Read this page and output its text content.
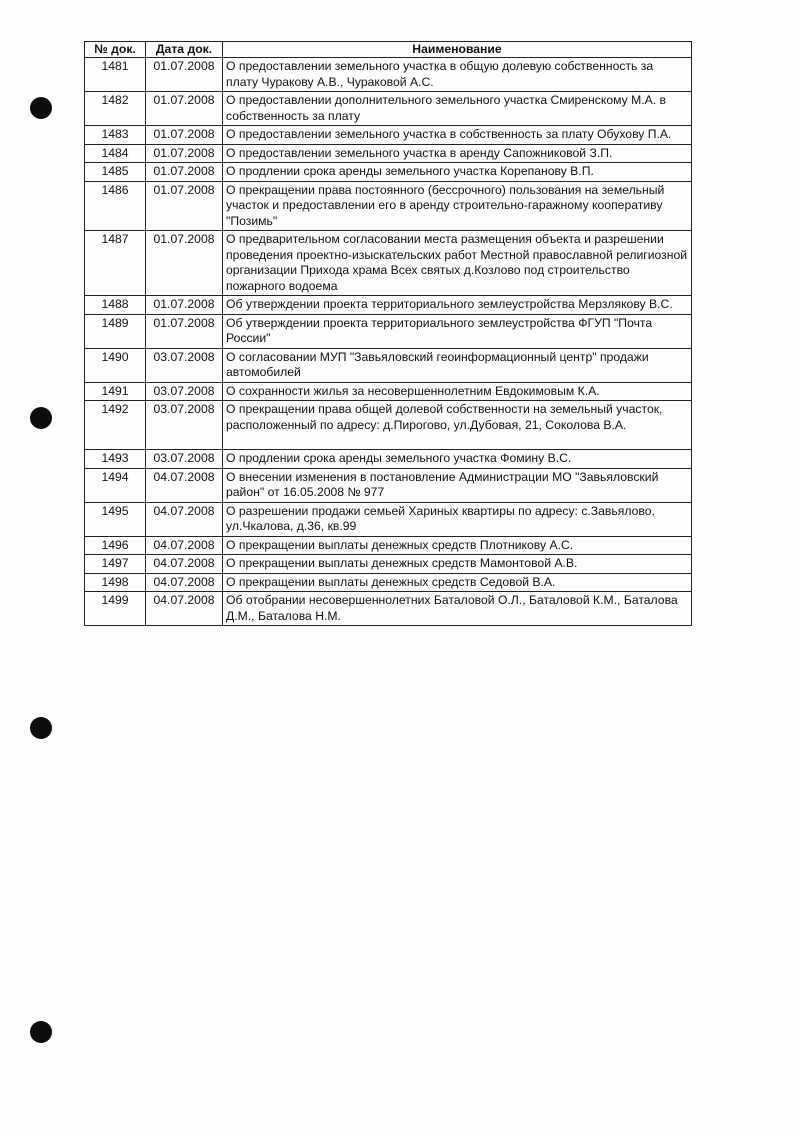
№ док.	Дата док.	Наименование
1481	01.07.2008	О предоставлении земельного участка в общую долевую собственность за плату Чуракову А.В., Чураковой А.С.
1482	01.07.2008	О предоставлении дополнительного земельного участка Смиренскому М.А. в собственность за плату
1483	01.07.2008	О предоставлении земельного участка в собственность за плату Обухову П.А.
1484	01.07.2008	О предоставлении земельного участка в аренду Сапожниковой З.П.
1485	01.07.2008	О продлении срока аренды земельного участка Корепанову В.П.
1486	01.07.2008	О прекращении права постоянного (бессрочного) пользования на земельный участок и предоставлении его в аренду строительно-гаражному кооперативу "Позимь"
1487	01.07.2008	О предварительном согласовании места размещения объекта и разрешении проведения проектно-изыскательских работ Местной православной религиозной организации Прихода храма Всех святых д.Козлово под строительство пожарного водоема
1488	01.07.2008	Об утверждении проекта территориального землеустройства Мерзлякову В.С.
1489	01.07.2008	Об утверждении проекта территориального землеустройства ФГУП "Почта России"
1490	03.07.2008	О согласовании МУП "Завьяловский геоинформационный центр" продажи автомобилей
1491	03.07.2008	О сохранности жилья за несовершеннолетним Евдокимовым К.А.
1492	03.07.2008	О прекращении права общей долевой собственности на земельный участок, расположенный по адресу: д.Пирогово, ул.Дубовая, 21, Соколова В.А.
1493	03.07.2008	О продлении срока аренды земельного участка Фомину В.С.
1494	04.07.2008	О внесении изменения в постановление Администрации МО "Завьяловский район" от 16.05.2008 № 977
1495	04.07.2008	О разрешении продажи семьей Хариных квартиры по адресу: с.Завьялово, ул.Чкалова, д.36, кв.99
1496	04.07.2008	О прекращении выплаты денежных средств Плотникову А.С.
1497	04.07.2008	О прекращении выплаты денежных средств Мамонтовой А.В.
1498	04.07.2008	О прекращении выплаты денежных средств Седовой В.А.
1499	04.07.2008	Об отобрании несовершеннолетних Баталовой О.Л., Баталовой К.М., Баталова Д.М., Баталова Н.М.
